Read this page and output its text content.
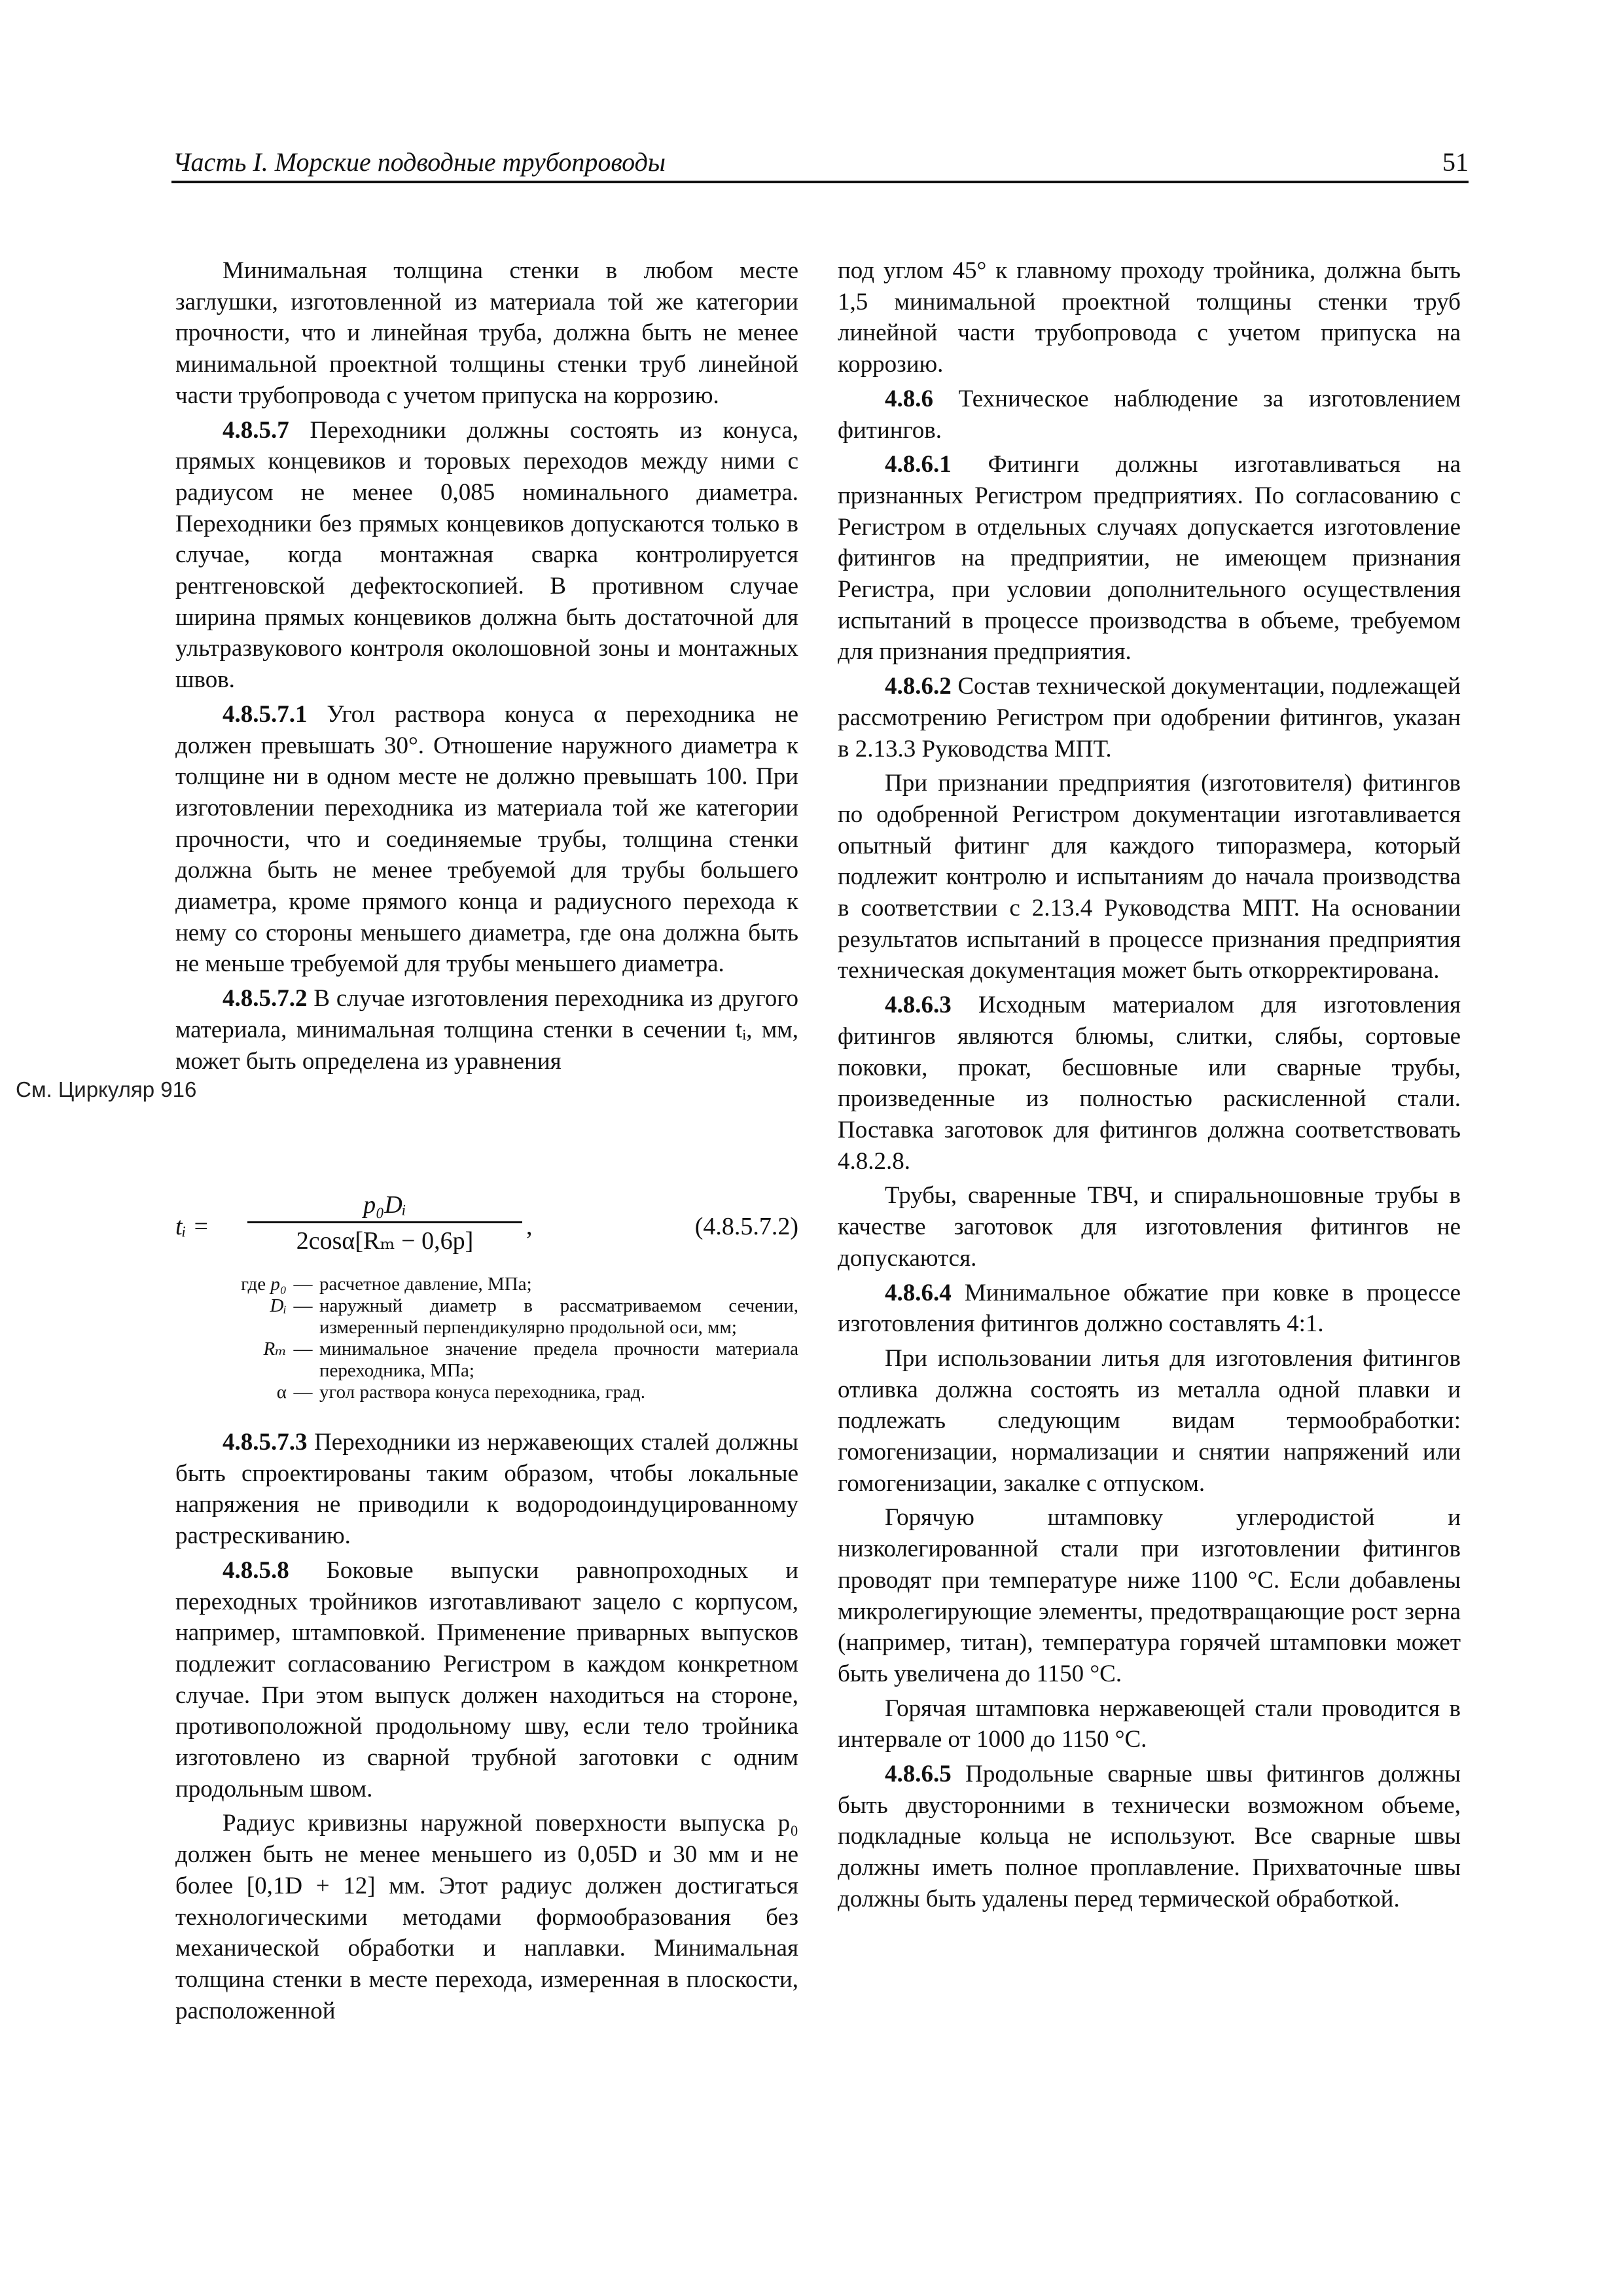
Часть I. Морские подводные трубопроводы	51
См. Циркуляр 916

Минимальная толщина стенки в любом месте заглушки, изготовленной из материала той же категории прочности, что и линейная труба, должна быть не менее минимальной проектной толщины стенки труб линейной части трубопровода с учетом припуска на коррозию.

4.8.5.7 Переходники должны состоять из конуса, прямых концевиков и торовых переходов между ними с радиусом не менее 0,085 номинального диаметра. Переходники без прямых концевиков допускаются только в случае, когда монтажная сварка контролируется рентгеновской дефектоскопией. В противном случае ширина прямых концевиков должна быть достаточной для ультразвукового контроля околошовной зоны и монтажных швов.

4.8.5.7.1 Угол раствора конуса α переходника не должен превышать 30°. Отношение наружного диаметра к толщине ни в одном месте не должно превышать 100. При изготовлении переходника из материала той же категории прочности, что и соединяемые трубы, толщина стенки должна быть не менее требуемой для трубы большего диаметра, кроме прямого конца и радиусного перехода к нему со стороны меньшего диаметра, где она должна быть не меньше требуемой для трубы меньшего диаметра.

4.8.5.7.2 В случае изготовления переходника из другого материала, минимальная толщина стенки в сечении tᵢ, мм, может быть определена из уравнения

tᵢ =
p₀Dᵢ
2cosα[Rₘ − 0,6p]
,	(4.8.5.7.2)
где p₀ — расчетное давление, МПа;
Dᵢ — наружный диаметр в рассматриваемом сечении, измеренный перпендикулярно продольной оси, мм;
Rₘ — минимальное значение предела прочности материала переходника, МПа;
α — угол раствора конуса переходника, град.

4.8.5.7.3 Переходники из нержавеющих сталей должны быть спроектированы таким образом, чтобы локальные напряжения не приводили к водородоиндуцированному растрескиванию.

4.8.5.8 Боковые выпуски равнопроходных и переходных тройников изготавливают зацело с корпусом, например, штамповкой. Применение приварных выпусков подлежит согласованию Регистром в каждом конкретном случае. При этом выпуск должен находиться на стороне, противоположной продольному шву, если тело тройника изготовлено из сварной трубной заготовки с одним продольным швом.

Радиус кривизны наружной поверхности выпуска p₀ должен быть не менее меньшего из 0,05D и 30 мм и не более [0,1D + 12] мм. Этот радиус должен достигаться технологическими методами формообразования без механической обработки и наплавки. Минимальная толщина стенки в месте перехода, измеренная в плоскости, расположенной

под углом 45° к главному проходу тройника, должна быть 1,5 минимальной проектной толщины стенки труб линейной части трубопровода с учетом припуска на коррозию.

4.8.6 Техническое наблюдение за изготовлением фитингов.

4.8.6.1 Фитинги должны изготавливаться на признанных Регистром предприятиях. По согласованию с Регистром в отдельных случаях допускается изготовление фитингов на предприятии, не имеющем признания Регистра, при условии дополнительного осуществления испытаний в процессе производства в объеме, требуемом для признания предприятия.

4.8.6.2 Состав технической документации, подлежащей рассмотрению Регистром при одобрении фитингов, указан в 2.13.3 Руководства МПТ.

При признании предприятия (изготовителя) фитингов по одобренной Регистром документации изготавливается опытный фитинг для каждого типоразмера, который подлежит контролю и испытаниям до начала производства в соответствии с 2.13.4 Руководства МПТ. На основании результатов испытаний в процессе признания предприятия техническая документация может быть откорректирована.

4.8.6.3 Исходным материалом для изготовления фитингов являются блюмы, слитки, слябы, сортовые поковки, прокат, бесшовные или сварные трубы, произведенные из полностью раскисленной стали. Поставка заготовок для фитингов должна соответствовать 4.8.2.8.

Трубы, сваренные ТВЧ, и спиральношовные трубы в качестве заготовок для изготовления фитингов не допускаются.

4.8.6.4 Минимальное обжатие при ковке в процессе изготовления фитингов должно составлять 4:1.

При использовании литья для изготовления фитингов отливка должна состоять из металла одной плавки и подлежать следующим видам термообработки: гомогенизации, нормализации и снятии напряжений или гомогенизации, закалке с отпуском.

Горячую штамповку углеродистой и низколегированной стали при изготовлении фитингов проводят при температуре ниже 1100 °С. Если добавлены микролегирующие элементы, предотвращающие рост зерна (например, титан), температура горячей штамповки может быть увеличена до 1150 °С.

Горячая штамповка нержавеющей стали проводится в интервале от 1000 до 1150 °С.

4.8.6.5 Продольные сварные швы фитингов должны быть двусторонними в технически возможном объеме, подкладные кольца не используют. Все сварные швы должны иметь полное проплавление. Прихваточные швы должны быть удалены перед термической обработкой.
